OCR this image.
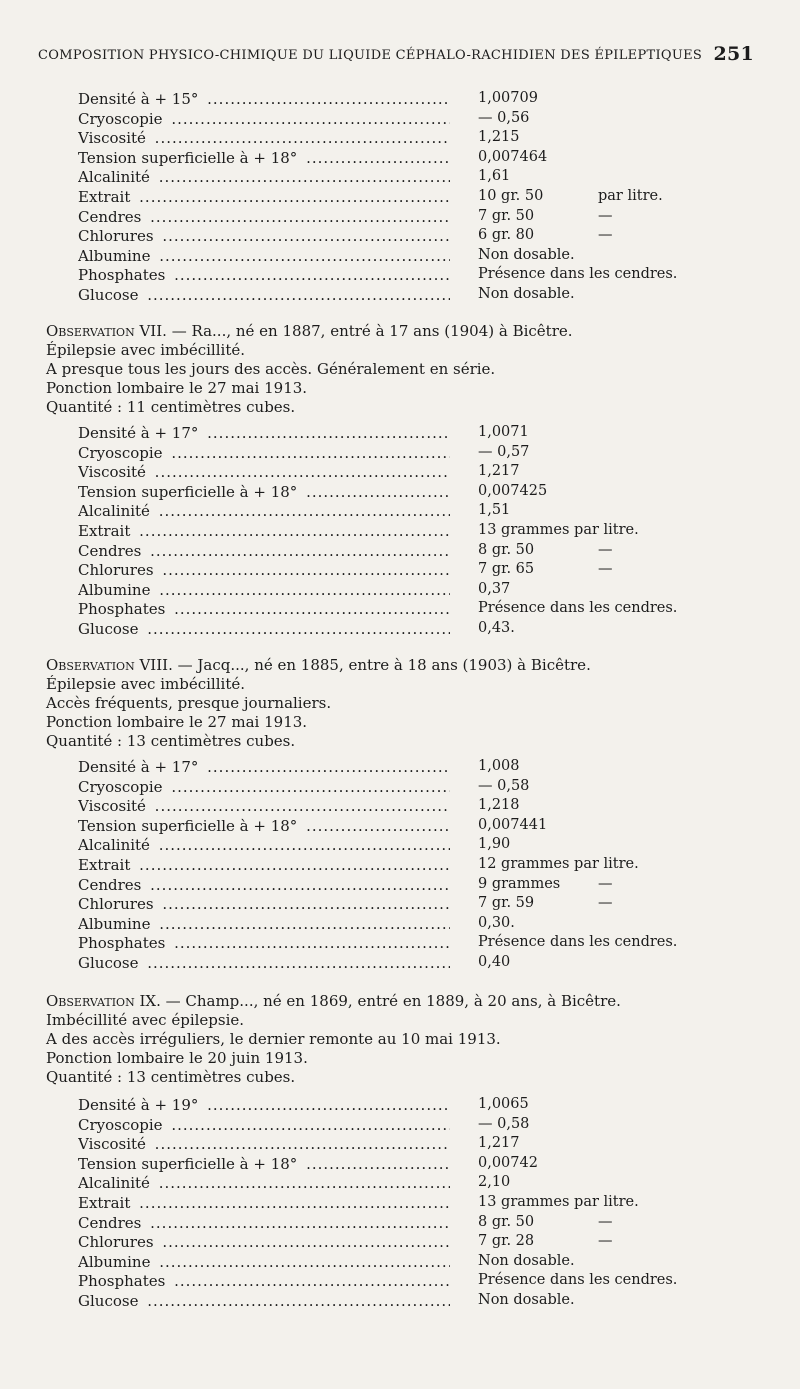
COMPOSITION PHYSICO-CHIMIQUE DU LIQUIDE CÉPHALO-RACHIDIEN DES ÉPILEPTIQUES 251
Densité à + 15° .....	1,00709
Cryoscopie .....	— 0,56
Viscosité .....	1,215
Tension superficielle à + 18° .....	0,007464
Alcalinité .....	1,61
Extrait .....	10 gr. 50	par litre.
Cendres .....	7 gr. 50	—
Chlorures .....	6 gr. 80	—
Albumine .....	Non dosable.
Phosphates .....	Présence dans les cendres.
Glucose .....	Non dosable.
Observation VII. — Ra..., né en 1887, entré à 17 ans (1904) à Bicêtre.
Épilepsie avec imbécillité.
A presque tous les jours des accès. Généralement en série.
Ponction lombaire le 27 mai 1913.
Quantité : 11 centimètres cubes.
Densité à + 17° .....	1,0071
Cryoscopie .....	— 0,57
Viscosité .....	1,217
Tension superficielle à + 18° .....	0,007425
Alcalinité .....	1,51
Extrait .....	13 grammes par litre.
Cendres .....	8 gr. 50	—
Chlorures .....	7 gr. 65	—
Albumine .....	0,37
Phosphates .....	Présence dans les cendres.
Glucose .....	0,43.
Observation VIII. — Jacq..., né en 1885, entre à 18 ans (1903) à Bicêtre.
Épilepsie avec imbécillité.
Accès fréquents, presque journaliers.
Ponction lombaire le 27 mai 1913.
Quantité : 13 centimètres cubes.
Densité à + 17° .....	1,008
Cryoscopie .....	— 0,58
Viscosité .....	1,218
Tension superficielle à + 18° .....	0,007441
Alcalinité .....	1,90
Extrait .....	12 grammes par litre.
Cendres .....	9 grammes	—
Chlorures .....	7 gr. 59	—
Albumine .....	0,30.
Phosphates .....	Présence dans les cendres.
Glucose .....	0,40
Observation IX. — Champ..., né en 1869, entré en 1889, à 20 ans, à Bicêtre.
Imbécillité avec épilepsie.
A des accès irréguliers, le dernier remonte au 10 mai 1913.
Ponction lombaire le 20 juin 1913.
Quantité : 13 centimètres cubes.
Densité à + 19° .....	1,0065
Cryoscopie .....	— 0,58
Viscosité .....	1,217
Tension superficielle à + 18° .....	0,00742
Alcalinité .....	2,10
Extrait .....	13 grammes par litre.
Cendres .....	8 gr. 50	—
Chlorures .....	7 gr. 28	—
Albumine .....	Non dosable.
Phosphates .....	Présence dans les cendres.
Glucose .....	Non dosable.
